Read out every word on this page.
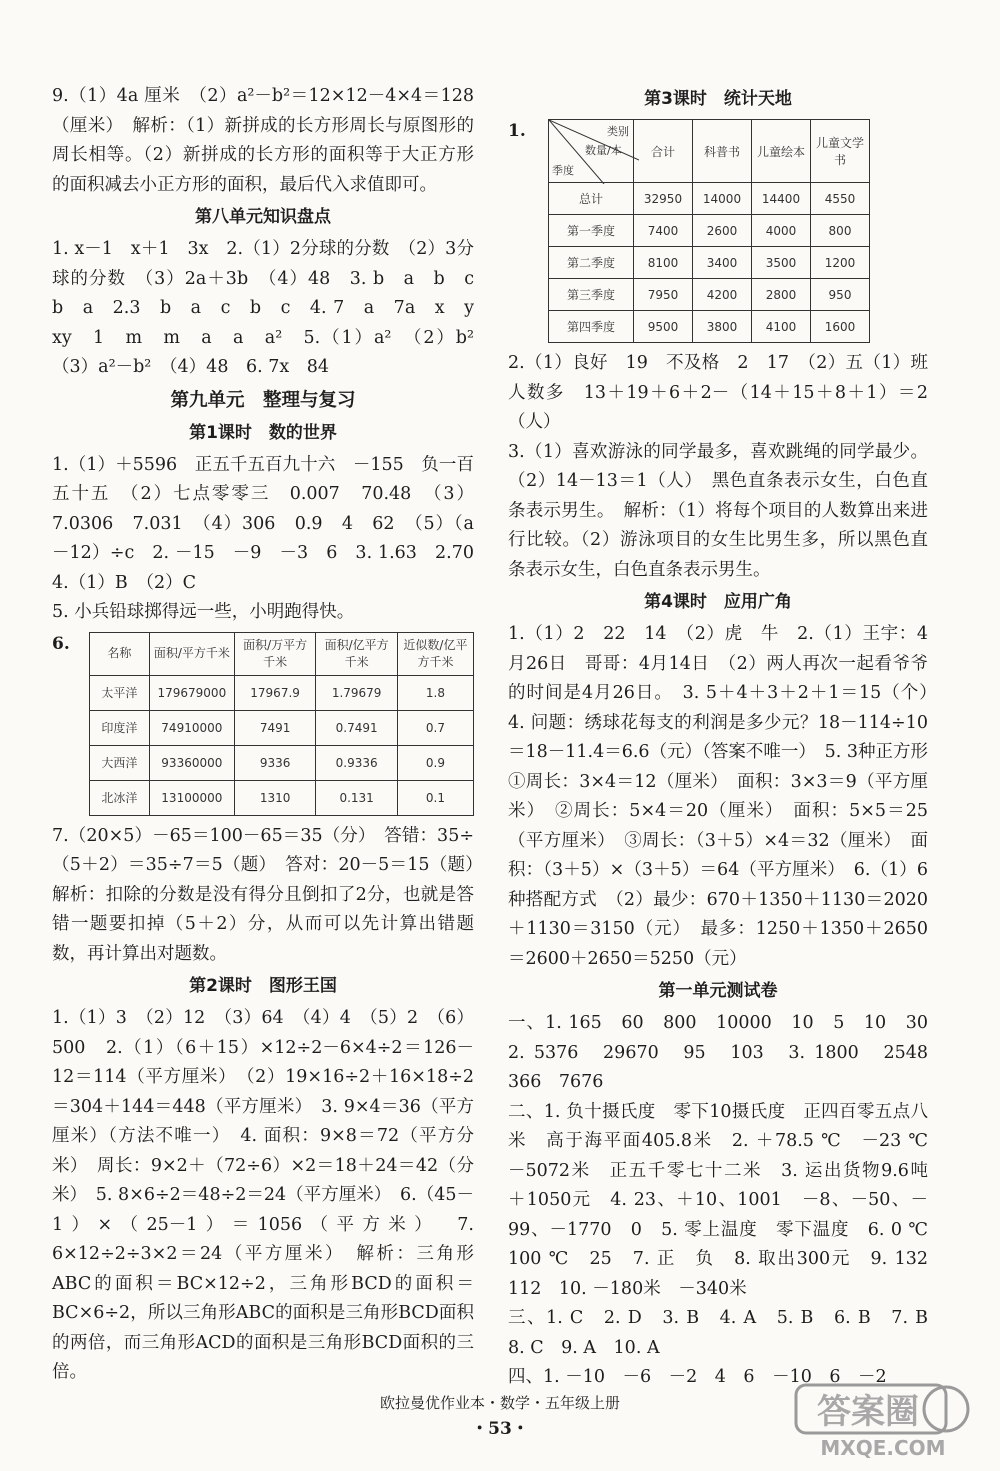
9.（1）4a 厘米　（2）a²－b²＝12×12－4×4＝128（厘米）　解析：（1）新拼成的长方形周长与原图形的周长相等。（2）新拼成的长方形的面积等于大正方形的面积减去小正方形的面积，最后代入求值即可。

第八单元知识盘点

1. x－1　x＋1　3x　2.（1）2分球的分数　（2）3分球的分数　（3）2a＋3b　（4）48　3. b　a　b　c　b　a　2.3　b　a　c　b　c　4. 7　a　7a　x　y　xy　1　m　m　a　a　a²　5.（1）a²　（2）b²　（3）a²－b²　（4）48　6. 7x　84

第九单元　整理与复习
第1课时　数的世界

1.（1）＋5596　正五千五百九十六　－155　负一百五十五　（2）七点零零三　0.007　70.48　（3）7.0306　7.031　（4）306　0.9　4　62　（5）（a－12）÷c　2. －15　－9　－3　6　3. 1.63　2.70　4.（1）B　（2）C

5. 小兵铅球掷得远一些，小明跑得快。

6.	名称	面积/平方千米	面积/万平方千米	面积/亿平方千米	近似数/亿平方千米
太平洋	179679000	17967.9	1.79679	1.8
印度洋	74910000	7491	0.7491	0.7
大西洋	93360000	9336	0.9336	0.9
北冰洋	13100000	1310	0.131	0.1

7.（20×5）－65＝100－65＝35（分）　答错：35÷（5＋2）＝35÷7＝5（题）　答对：20－5＝15（题）　解析：扣除的分数是没有得分且倒扣了2分，也就是答错一题要扣掉（5＋2）分，从而可以先计算出错题数，再计算出对题数。

第2课时　图形王国

1.（1）3　（2）12　（3）64　（4）4　（5）2　（6）500　2.（1）（6＋15）×12÷2－6×4÷2＝126－12＝114（平方厘米）　（2）19×16÷2＋16×18÷2＝304＋144＝448（平方厘米）　3. 9×4＝36（平方厘米）（方法不唯一）　4. 面积：9×8＝72（平方分米）　周长：9×2＋（72÷6）×2＝18＋24＝42（分米）　5. 8×6÷2＝48÷2＝24（平方厘米）　6.（45－1）×（25－1）＝1056（平方米）　7. 6×12÷2÷3×2＝24（平方厘米）　解析：三角形ABC的面积＝BC×12÷2，三角形BCD的面积＝BC×6÷2，所以三角形ABC的面积是三角形BCD面积的两倍，而三角形ACD的面积是三角形BCD面积的三倍。

第3课时　统计天地
1.	类别
数量/本
季度	合计	科普书	儿童绘本	儿童文学书
总计	32950	14000	14400	4550
第一季度	7400	2600	4000	800
第二季度	8100	3400	3500	1200
第三季度	7950	4200	2800	950
第四季度	9500	3800	4100	1600

2.（1）良好　19　不及格　2　17　（2）五（1）班人数多　13＋19＋6＋2－（14＋15＋8＋1）＝2（人）

3.（1）喜欢游泳的同学最多，喜欢跳绳的同学最少。（2）14－13＝1（人）　黑色直条表示女生，白色直条表示男生。　解析：（1）将每个项目的人数算出来进行比较。（2）游泳项目的女生比男生多，所以黑色直条表示女生，白色直条表示男生。

第4课时　应用广角

1.（1）2　22　14　（2）虎　牛　2.（1）王宇：4月26日　哥哥：4月14日　（2）两人再次一起看爷爷的时间是4月26日。　3. 5＋4＋3＋2＋1＝15（个）　4. 问题：绣球花每支的利润是多少元？18－114÷10＝18－11.4＝6.6（元）（答案不唯一）　5. 3种正方形　①周长：3×4＝12（厘米）　面积：3×3＝9（平方厘米）　②周长：5×4＝20（厘米）　面积：5×5＝25（平方厘米）　③周长：（3＋5）×4＝32（厘米）　面积：（3＋5）×（3＋5）＝64（平方厘米）　6.（1）6种搭配方式　（2）最少：670＋1350＋1130＝2020＋1130＝3150（元）　最多：1250＋1350＋2650＝2600＋2650＝5250（元）

第一单元测试卷

一、1. 165　60　800　10000　10　5　10　30　2. 5376　29670　95　103　3. 1800　2548　366　7676

二、1. 负十摄氏度　零下10摄氏度　正四百零五点八米　高于海平面405.8米　2. ＋78.5 ℃　－23 ℃　－5072米　正五千零七十二米　3. 运出货物9.6吨　＋1050元　4. 23、＋10、1001　－8、－50、－99、－1770　0　5. 零上温度　零下温度　6. 0 ℃　100 ℃　25　7. 正　负　8. 取出300元　9. 132　112　10. －180米　－340米

三、1. C　2. D　3. B　4. A　5. B　6. B　7. B　8. C　9. A　10. A

四、1. －10　－6　－2　4　6　－10　6　－2

欧拉曼优作业本・数学・五年级上册
・53・	答案圈
MXQE.COM
